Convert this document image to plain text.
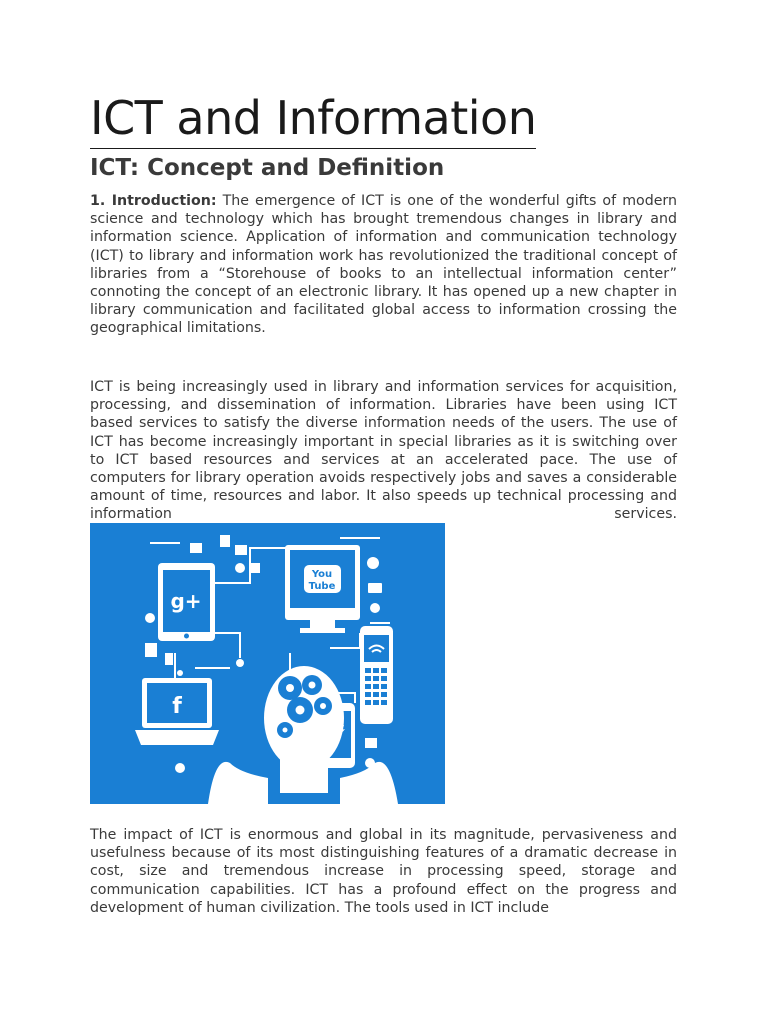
ICT and Information
ICT: Concept and Definition

1. Introduction: The emergence of ICT is one of the wonderful gifts of modern science and technology which has brought tremendous changes in library and information science. Application of information and communication technology (ICT) to library and information work has revolutionized the traditional concept of libraries from a “Storehouse of books to an intellectual information center” connoting the concept of an electronic library. It has opened up a new chapter in library communication and facilitated global access to information crossing the geographical limitations.

ICT is being increasingly used in library and information services for acquisition, processing, and dissemination of information. Libraries have been using ICT based services to satisfy the diverse information needs of the users. The use of ICT has become increasingly important in special libraries as it is switching over to ICT based resources and services at an accelerated pace. The use of computers for library operation avoids respectively jobs and saves a considerable amount of time, resources and labor. It also speeds up technical processing and information services.

g+
You
Tube
f

The impact of ICT is enormous and global in its magnitude, pervasiveness and usefulness because of its most distinguishing features of a dramatic decrease in cost, size and tremendous increase in processing speed, storage and communication capabilities. ICT has a profound effect on the progress and development of human civilization. The tools used in ICT include
